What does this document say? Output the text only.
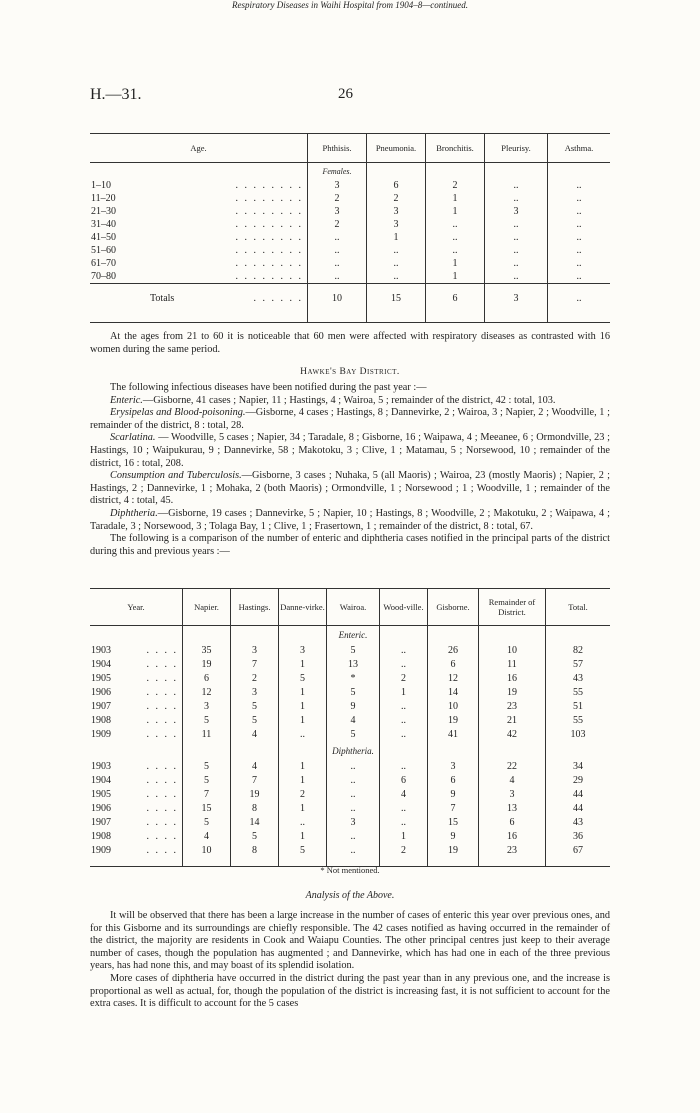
H.—31.	26
Respiratory Diseases in Waihi Hospital from 1904–8—continued.
Age.		Phthisis.	Pneumonia.	Bronchitis.	Pleurisy.	Asthma.
		Females.				
1–10	. . . . . . . .	3	6	2	..	..
11–20	. . . . . . . .	2	2	1	..	..
21–30	. . . . . . . .	3	3	1	3	..
31–40	. . . . . . . .	2	3	..	..	..
41–50	. . . . . . . .	..	1	..	..	..
51–60	. . . . . . . .	..	..	..	..	..
61–70	. . . . . . . .	..	..	1	..	..
70–80	. . . . . . . .	..	..	1	..	..
Totals	. . . . . .	10	15	6	3	..

At the ages from 21 to 60 it is noticeable that 60 men were affected with respiratory diseases as contrasted with 16 women during the same period.

Hawke's Bay District.

The following infectious diseases have been notified during the past year :—

Enteric.—Gisborne, 41 cases ; Napier, 11 ; Hastings, 4 ; Wairoa, 5 ; remainder of the district, 42 : total, 103.

Erysipelas and Blood-poisoning.—Gisborne, 4 cases ; Hastings, 8 ; Dannevirke, 2 ; Wairoa, 3 ; Napier, 2 ; Woodville, 1 ; remainder of the district, 8 : total, 28.

Scarlatina. — Woodville, 5 cases ; Napier, 34 ; Taradale, 8 ; Gisborne, 16 ; Waipawa, 4 ; Meeanee, 6 ; Ormondville, 23 ; Hastings, 10 ; Waipukurau, 9 ; Dannevirke, 58 ; Makotoku, 3 ; Clive, 1 ; Matamau, 5 ; Norsewood, 10 ; remainder of the district, 16 : total, 208.

Consumption and Tuberculosis.—Gisborne, 3 cases ; Nuhaka, 5 (all Maoris) ; Wairoa, 23 (mostly Maoris) ; Napier, 2 ; Hastings, 2 ; Dannevirke, 1 ; Mohaka, 2 (both Maoris) ; Ormondville, 1 ; Norsewood ; 1 ; Woodville, 1 ; remainder of the district, 4 : total, 45.

Diphtheria.—Gisborne, 19 cases ; Dannevirke, 5 ; Napier, 10 ; Hastings, 8 ; Woodville, 2 ; Makotuku, 2 ; Waipawa, 4 ; Taradale, 3 ; Norsewood, 3 ; Tolaga Bay, 1 ; Clive, 1 ; Frasertown, 1 ; remainder of the district, 8 : total, 67.

The following is a comparison of the number of enteric and diphtheria cases notified in the principal parts of the district during this and previous years :—

Year.		Napier.	Hastings.	Danne-virke.	Wairoa.	Wood-ville.	Gisborne.	Remainder of District.	Total.
					Enteric.				
1903	. . . .	35	3	3	5	..	26	10	82
1904	. . . .	19	7	1	13	..	6	11	57
1905	. . . .	6	2	5	*	2	12	16	43
1906	. . . .	12	3	1	5	1	14	19	55
1907	. . . .	3	5	1	9	..	10	23	51
1908	. . . .	5	5	1	4	..	19	21	55
1909	. . . .	11	4	..	5	..	41	42	103
					Diphtheria.				
1903	. . . .	5	4	1	..	..	3	22	34
1904	. . . .	5	7	1	..	6	6	4	29
1905	. . . .	7	19	2	..	4	9	3	44
1906	. . . .	15	8	1	..	..	7	13	44
1907	. . . .	5	14	..	3	..	15	6	43
1908	. . . .	4	5	1	..	1	9	16	36
1909	. . . .	10	8	5	..	2	19	23	67

* Not mentioned.
Analysis of the Above.

It will be observed that there has been a large increase in the number of cases of enteric this year over previous ones, and for this Gisborne and its surroundings are chiefly responsible. The 42 cases notified as having occurred in the remainder of the district, the majority are residents in Cook and Waiapu Counties. The other principal centres just keep to their average number of cases, though the population has augmented ; and Dannevirke, which has had one in each of the three previous years, has had none this, and may boast of its splendid isolation.

More cases of diphtheria have occurred in the district during the past year than in any previous one, and the increase is proportional as well as actual, for, though the population of the district is increasing fast, it is not sufficient to account for the extra cases. It is difficult to account for the 5 cases
